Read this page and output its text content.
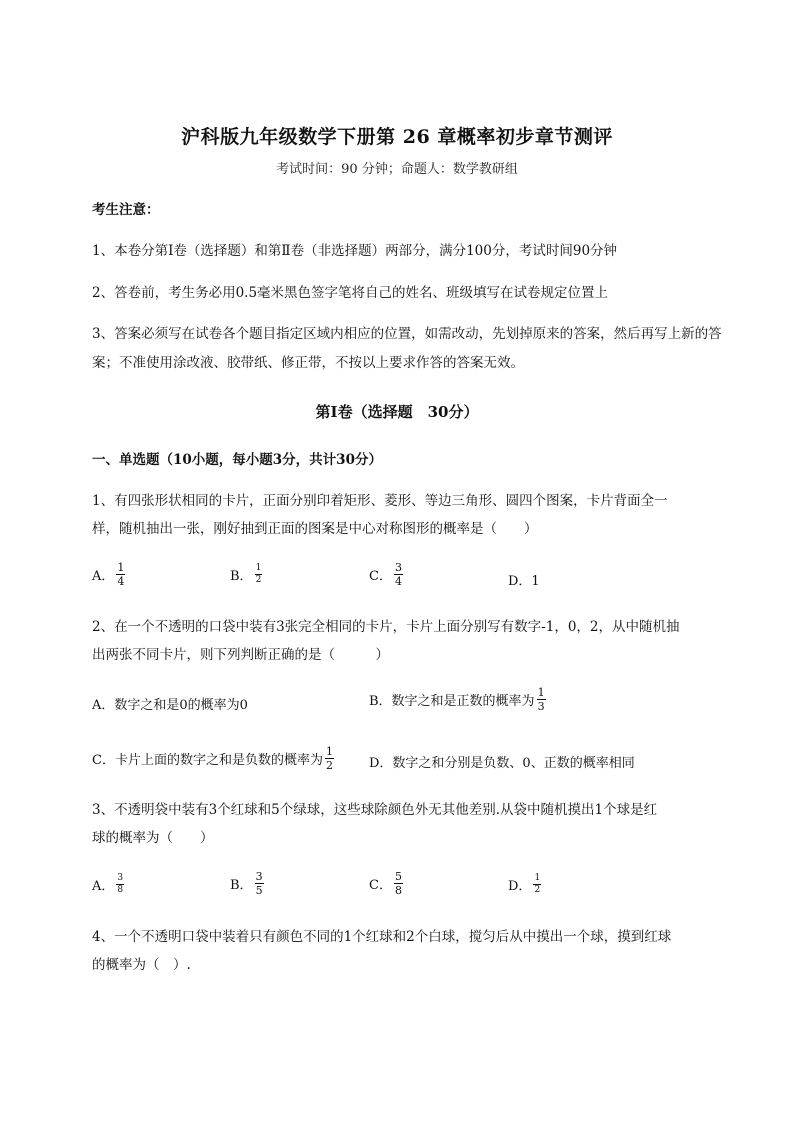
沪科版九年级数学下册第 26 章概率初步章节测评
考试时间：90 分钟；命题人：数学教研组
考生注意：
1、本卷分第Ⅰ卷（选择题）和第Ⅱ卷（非选择题）两部分，满分100分，考试时间90分钟
2、答卷前，考生务必用0.5毫米黑色签字笔将自己的姓名、班级填写在试卷规定位置上
3、答案必须写在试卷各个题目指定区域内相应的位置，如需改动，先划掉原来的答案，然后再写上新的答案；不准使用涂改液、胶带纸、修正带，不按以上要求作答的答案无效。
第Ⅰ卷（选择题　30分）
一、单选题（10小题，每小题3分，共计30分）
1、有四张形状相同的卡片，正面分别印着矩形、菱形、等边三角形、圆四个图案，卡片背面全一
样，随机抽出一张，刚好抽到正面的图案是中心对称图形的概率是（　　）
A． $\frac{1}{4}$	B． $\frac{1}{2}$	C． $\frac{3}{4}$	D．1
2、在一个不透明的口袋中装有3张完全相同的卡片，卡片上面分别写有数字-1，0，2，从中随机抽
出两张不同卡片，则下列判断正确的是（　　　）
A．数字之和是0的概率为0	B．数字之和是正数的概率为 $\frac{1}{3}$
C．卡片上面的数字之和是负数的概率为 $\frac{1}{2}$	D．数字之和分别是负数、0、正数的概率相同
3、不透明袋中装有3个红球和5个绿球，这些球除颜色外无其他差别.从袋中随机摸出1个球是红
球的概率为（　　）
A． $\frac{3}{8}$	B． $\frac{3}{5}$	C． $\frac{5}{8}$	D． $\frac{1}{2}$
4、一个不透明口袋中装着只有颜色不同的1个红球和2个白球，搅匀后从中摸出一个球，摸到红球
的概率为（　）.
